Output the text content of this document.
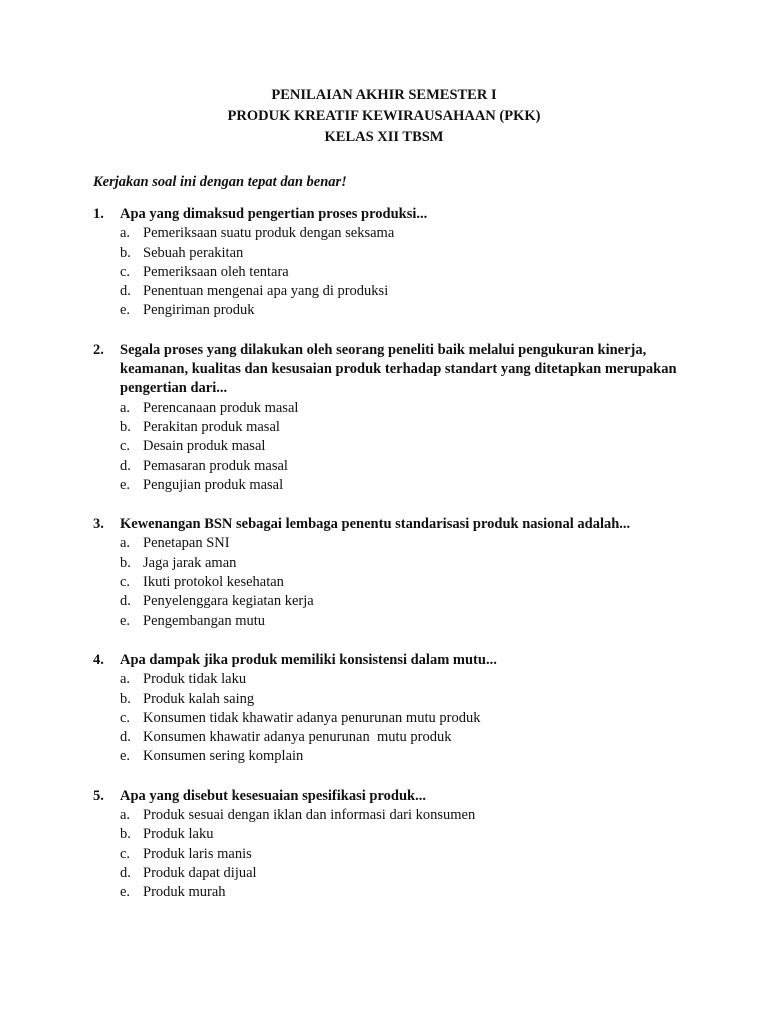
PENILAIAN AKHIR SEMESTER I
PRODUK KREATIF KEWIRAUSAHAAN (PKK)
KELAS XII TBSM
Kerjakan soal ini dengan tepat dan benar!
1.	Apa yang dimaksud pengertian proses produksi...
a. Pemeriksaan suatu produk dengan seksama
b. Sebuah perakitan
c. Pemeriksaan oleh tentara
d. Penentuan mengenai apa yang di produksi
e. Pengiriman produk
2.	Segala proses yang dilakukan oleh seorang peneliti baik melalui pengukuran kinerja, keamanan, kualitas dan kesusaian produk terhadap standart yang ditetapkan merupakan pengertian dari...
a. Perencanaan produk masal
b. Perakitan produk masal
c. Desain produk masal
d. Pemasaran produk masal
e. Pengujian produk masal
3.	Kewenangan BSN sebagai lembaga penentu standarisasi produk nasional adalah...
a. Penetapan SNI
b. Jaga jarak aman
c. Ikuti protokol kesehatan
d. Penyelenggara kegiatan kerja
e. Pengembangan mutu
4.	Apa dampak jika produk memiliki konsistensi dalam mutu...
a. Produk tidak laku
b. Produk kalah saing
c. Konsumen tidak khawatir adanya penurunan mutu produk
d. Konsumen khawatir adanya penurunan  mutu produk
e. Konsumen sering komplain
5.	Apa yang disebut kesesuaian spesifikasi produk...
a. Produk sesuai dengan iklan dan informasi dari konsumen
b. Produk laku
c. Produk laris manis
d. Produk dapat dijual
e. Produk murah
